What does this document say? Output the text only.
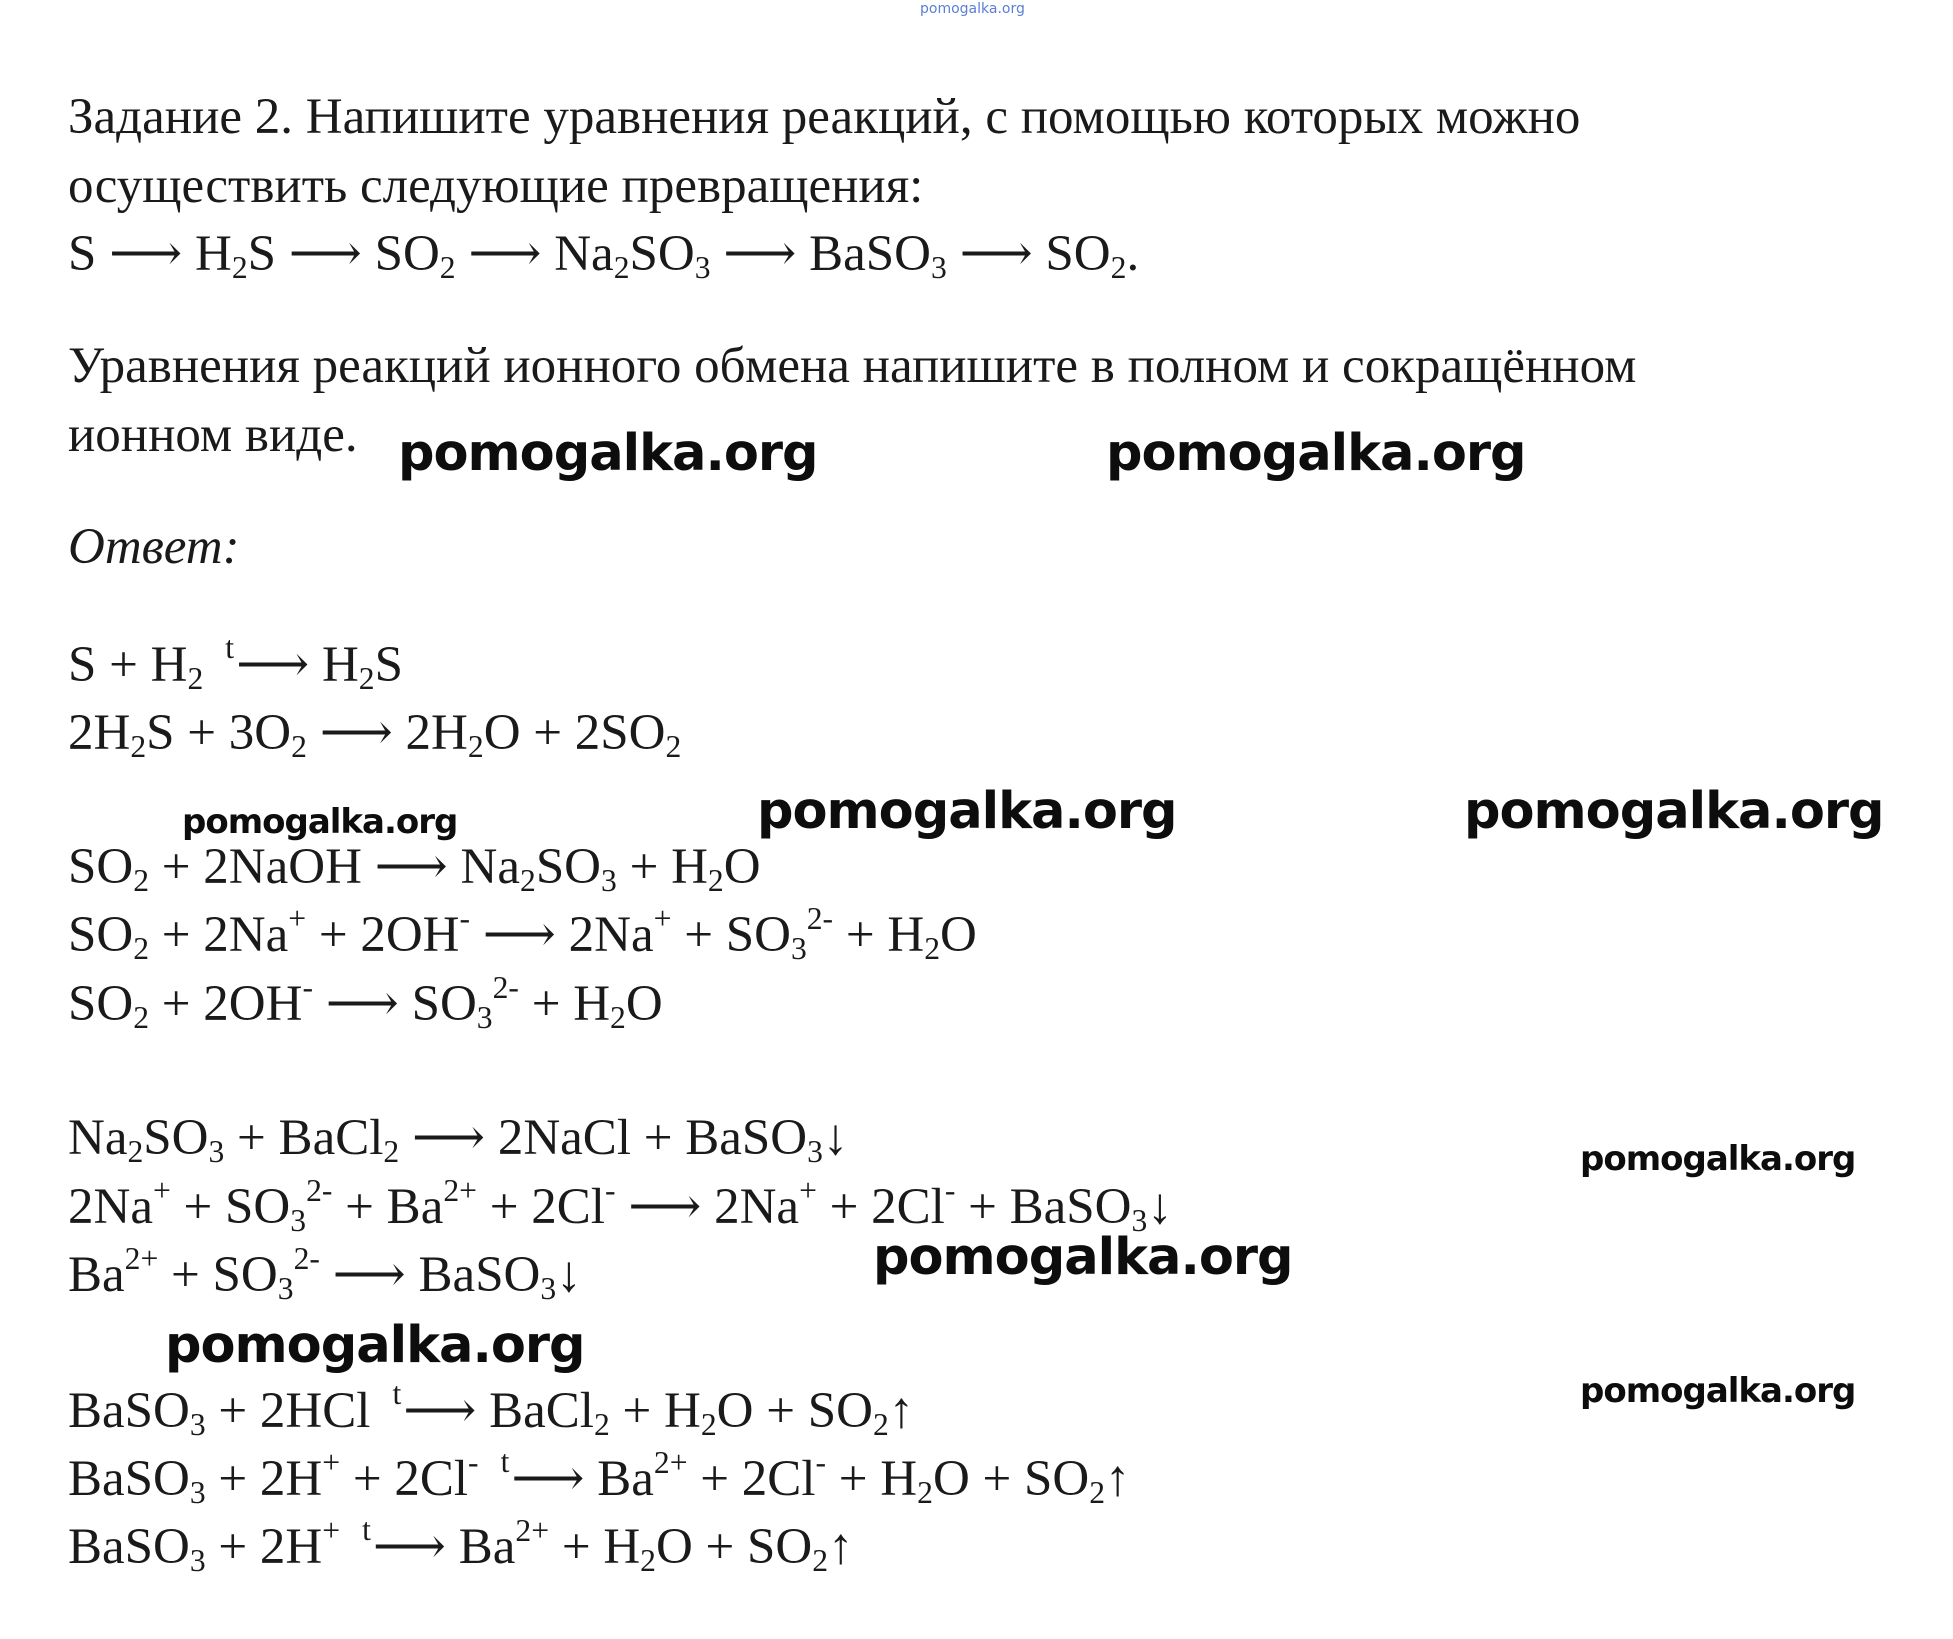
pomogalka.org
Задание 2. Напишите уравнения реакций, с помощью которых можно
осуществить следующие превращения:
S ⟶ $H_2S$ ⟶ $SO_2$ ⟶ $Na_2SO_3$ ⟶ BaSO$_3$ ⟶ $SO_2$.
Уравнения реакций ионного обмена напишите в полном и сокращённом
ионном виде.
Ответ:
$S + H_2^t⟶$ $H_2S$
$2H_2S + 3O_2$ ⟶ $2H_2O + 2SO_2$
$SO_2$ + 2NaOH ⟶ $Na_2SO_3 + H_2O$
$SO_2 + 2Na^+ + 2OH^-$ ⟶ $2Na^+ + SO_3^{2-} + H_2O$
$SO_2 + 2OH^-$ ⟶ $SO_3^{2-} + H_2O$
$Na_2SO_3$ + BaCl$_2$ ⟶ 2NaCl + BaSO$_3$↓
$2Na^+ + SO_3^{2-} + Ba^{2+} + 2Cl^-$ ⟶ 2Na+ + 2Cl- + BaSO$_3$↓
$Ba^{2+} + SO_3^{2-}$ ⟶ BaSO$_3$↓
BaSO$_3$ + 2HCl $^t$⟶ BaCl$_2$ + $H_2O$ + $SO_2↑$
BaSO$_3$ + 2H+ + 2Cl- $^t$⟶ $Ba^{2+} + 2Cl^- + H_2O$ + $SO_2↑$
BaSO$_3$ + 2H+ $^t$⟶ $Ba^{2+} + H_2O$ + $SO_2↑$
pomogalka.org	pomogalka.org
pomogalka.org	pomogalka.org	pomogalka.org
pomogalka.org
pomogalka.org
pomogalka.org
pomogalka.org
